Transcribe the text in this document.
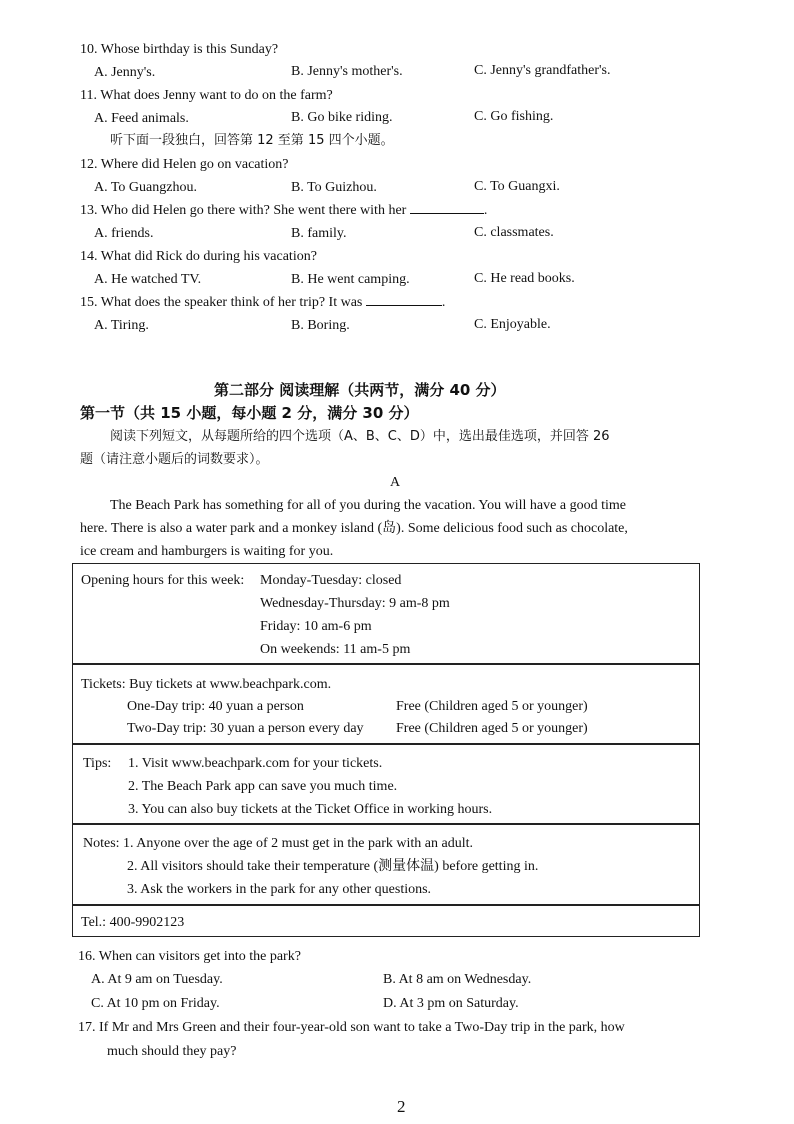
10. Whose birthday is this Sunday?
A. Jenny's.	B. Jenny's mother's.	C. Jenny's grandfather's.
11. What does Jenny want to do on the farm?
A. Feed animals.	B. Go bike riding.	C. Go fishing.
听下面一段独白，回答第 12 至第 15 四个小题。
12. Where did Helen go on vacation?
A. To Guangzhou.	B. To Guizhou.	C. To Guangxi.
13. Who did Helen go there with? She went there with her	.
A. friends.	B. family.	C. classmates.
14. What did Rick do during his vacation?
A. He watched TV.	B. He went camping.	C. He read books.
15. What does the speaker think of her trip? It was	.
A. Tiring.	B. Boring.	C. Enjoyable.
第二部分 阅读理解（共两节，满分 40 分）
第一节（共 15 小题，每小题 2 分，满分 30 分）
阅读下列短文，从每题所给的四个选项（A、B、C、D）中，选出最佳选项，并回答 26
题（请注意小题后的词数要求）。
A
The Beach Park has something for all of you during the vacation. You will have a good time
here. There is also a water park and a monkey island (岛). Some delicious food such as chocolate,
ice cream and hamburgers is waiting for you.
Opening hours for this week: Monday-Tuesday: closed
Wednesday-Thursday: 9 am-8 pm
Friday: 10 am-6 pm
On weekends: 11 am-5 pm
Tickets: Buy tickets at www.beachpark.com.
One-Day trip: 40 yuan a person	Free (Children aged 5 or younger)
Two-Day trip: 30 yuan a person every day Free (Children aged 5 or younger)
Tips: 1. Visit www.beachpark.com for your tickets.
2. The Beach Park app can save you much time.
3. You can also buy tickets at the Ticket Office in working hours.
Notes: 1. Anyone over the age of 2 must get in the park with an adult.
2. All visitors should take their temperature (测量体温) before getting in.
3. Ask the workers in the park for any other questions.
Tel.: 400-9902123
16. When can visitors get into the park?
A. At 9 am on Tuesday.	B. At 8 am on Wednesday.
C. At 10 pm on Friday.	D. At 3 pm on Saturday.
17. If Mr and Mrs Green and their four-year-old son want to take a Two-Day trip in the park, how
much should they pay?
2
